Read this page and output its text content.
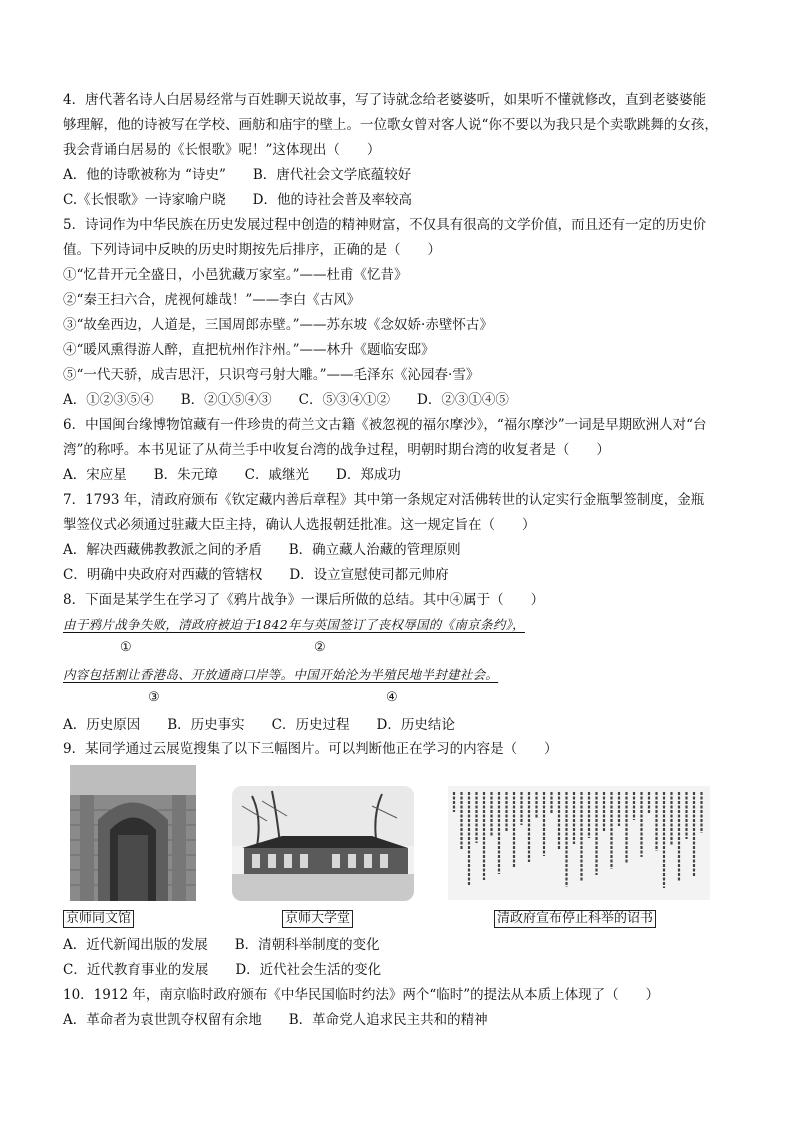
4．唐代著名诗人白居易经常与百姓聊天说故事，写了诗就念给老婆婆听，如果听不懂就修改，直到老婆婆能
够理解，他的诗被写在学校、画舫和庙宇的壁上。一位歌女曾对客人说“你不要以为我只是个卖歌跳舞的女孩，
我会背诵白居易的《长恨歌》呢！”这体现出（　　）
A．他的诗歌被称为 “诗史”　　B．唐代社会文学底蕴较好
C.《长恨歌》一诗家喻户晓　　D．他的诗社会普及率较高
5．诗词作为中华民族在历史发展过程中创造的精神财富，不仅具有很高的文学价值，而且还有一定的历史价
值。下列诗词中反映的历史时期按先后排序，正确的是（　　）
①“忆昔开元全盛日，小邑犹藏万家室。”——杜甫《忆昔》
②“秦王扫六合，虎视何雄哉！”——李白《古风》
③“故垒西边，人道是，三国周郎赤壁。”——苏东坡《念奴娇·赤壁怀古》
④“暖风熏得游人醉，直把杭州作汴州。”——林升《题临安邸》
⑤“一代天骄，成吉思汗，只识弯弓射大雕。”——毛泽东《沁园春·雪》
A．①②③⑤④　　B．②①⑤④③　　C．⑤③④①②　　D．②③①④⑤
6．中国闽台缘博物馆藏有一件珍贵的荷兰文古籍《被忽视的福尔摩沙》，“福尔摩沙”一词是早期欧洲人对“台
湾”的称呼。本书见证了从荷兰手中收复台湾的战争过程，明朝时期台湾的收复者是（　　）
A．宋应星　　B．朱元璋　　C．戚继光　　D．郑成功
7．1793 年，清政府颁布《钦定藏内善后章程》其中第一条规定对活佛转世的认定实行金瓶掣签制度，金瓶
掣签仪式必须通过驻藏大臣主持，确认人选报朝廷批准。这一规定旨在（　　）
A．解决西藏佛教教派之间的矛盾　　B．确立藏人治藏的管理原则
C．明确中央政府对西藏的管辖权　　D．设立宣慰使司都元帅府
8．下面是某学生在学习了《鸦片战争》一课后所做的总结。其中④属于（　　）
由于鸦片战争失败，清政府被迫于1842年与英国签订了丧权辱国的《南京条约》，
①	②
内容包括割让香港岛、开放通商口岸等。中国开始沦为半殖民地半封建社会。
③	④
A．历史原因　　B．历史事实　　C．历史过程　　D．历史结论
9．某同学通过云展览搜集了以下三幅图片。可以判断他正在学习的内容是（　　）
京师同文馆	京师大学堂	清政府宣布停止科举的诏书
A．近代新闻出版的发展　　B．清朝科举制度的变化
C．近代教育事业的发展　　D．近代社会生活的变化
10．1912 年，南京临时政府颁布《中华民国临时约法》两个“临时”的提法从本质上体现了（　　）
A．革命者为袁世凯夺权留有余地　　B．革命党人追求民主共和的精神
